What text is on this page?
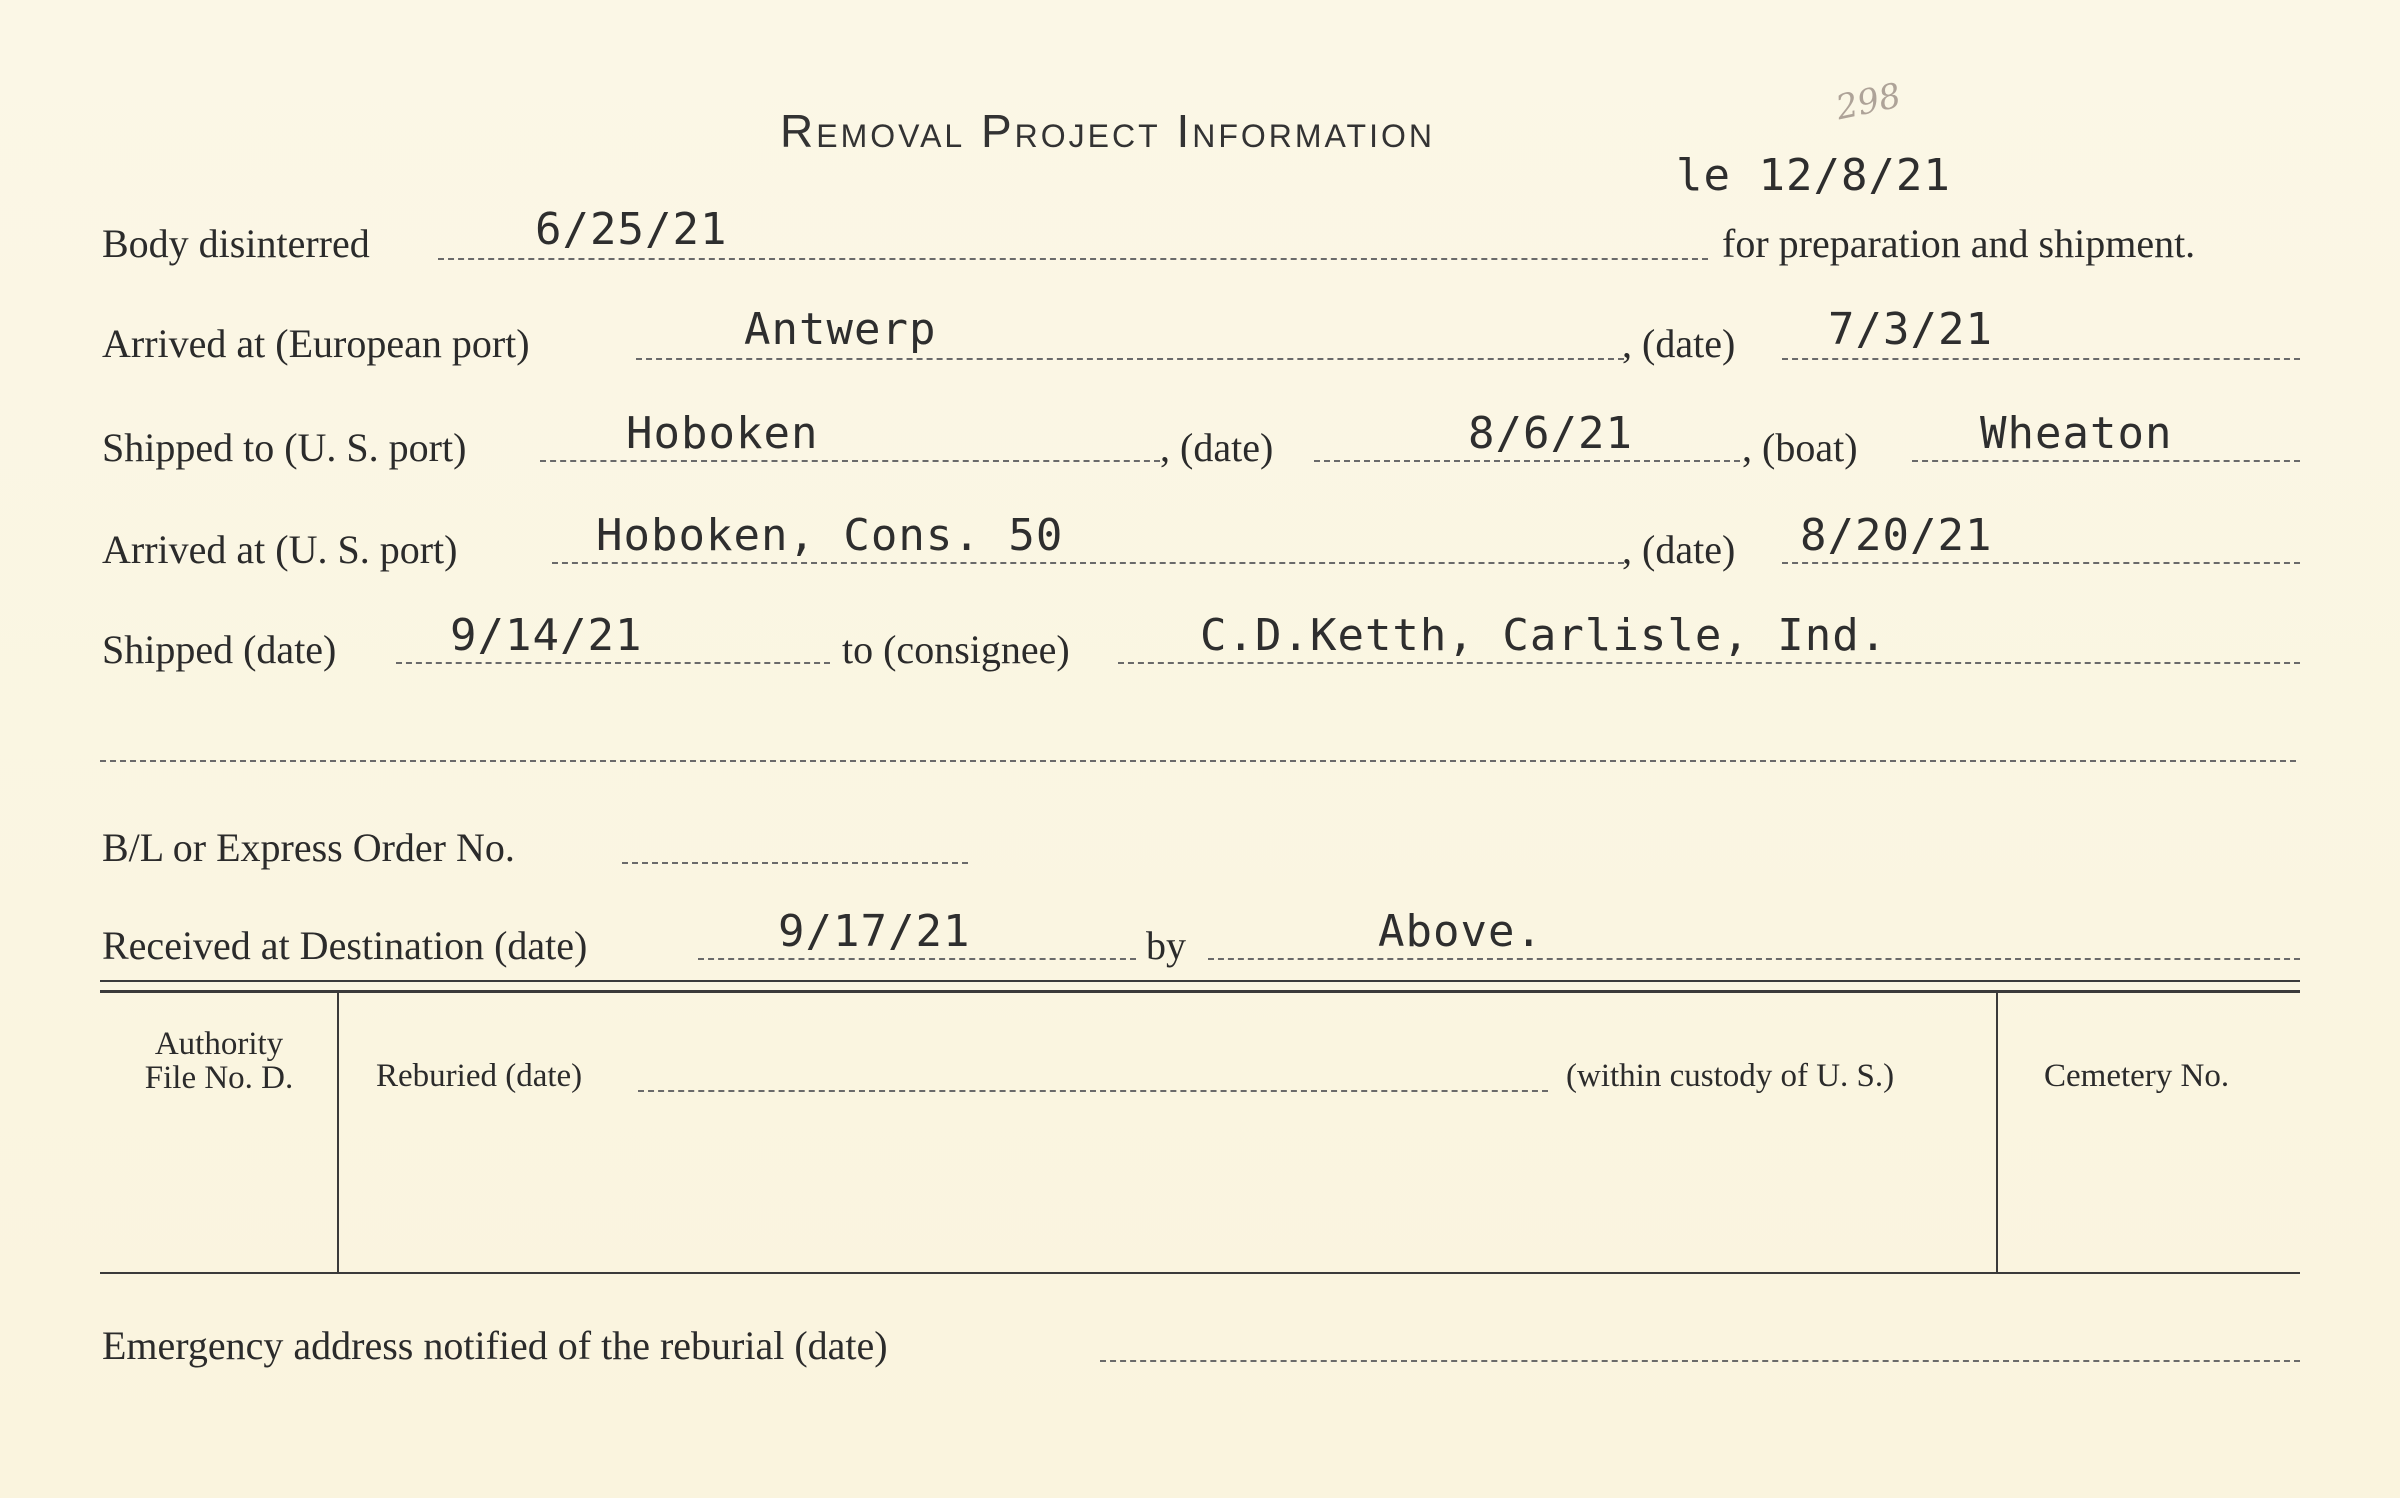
Removal Project Information
298
le 12/8/21
Body disinterred	6/25/21	for preparation and shipment.
Arrived at (European port)	Antwerp	, (date) 7/3/21
Shipped to (U. S. port)	Hoboken	, (date)	8/6/21	, (boat)	Wheaton
Arrived at (U. S. port)	Hoboken, Cons. 50	, (date) 8/20/21
Shipped (date)	9/14/21	to (consignee)	C.D.Ketth, Carlisle, Ind.
B/L or Express Order No.
Received at Destination (date)	9/17/21	by	Above.
Authority
File No. D.	Reburied (date)	(within custody of U. S.)	Cemetery No.
Emergency address notified of the reburial (date)
